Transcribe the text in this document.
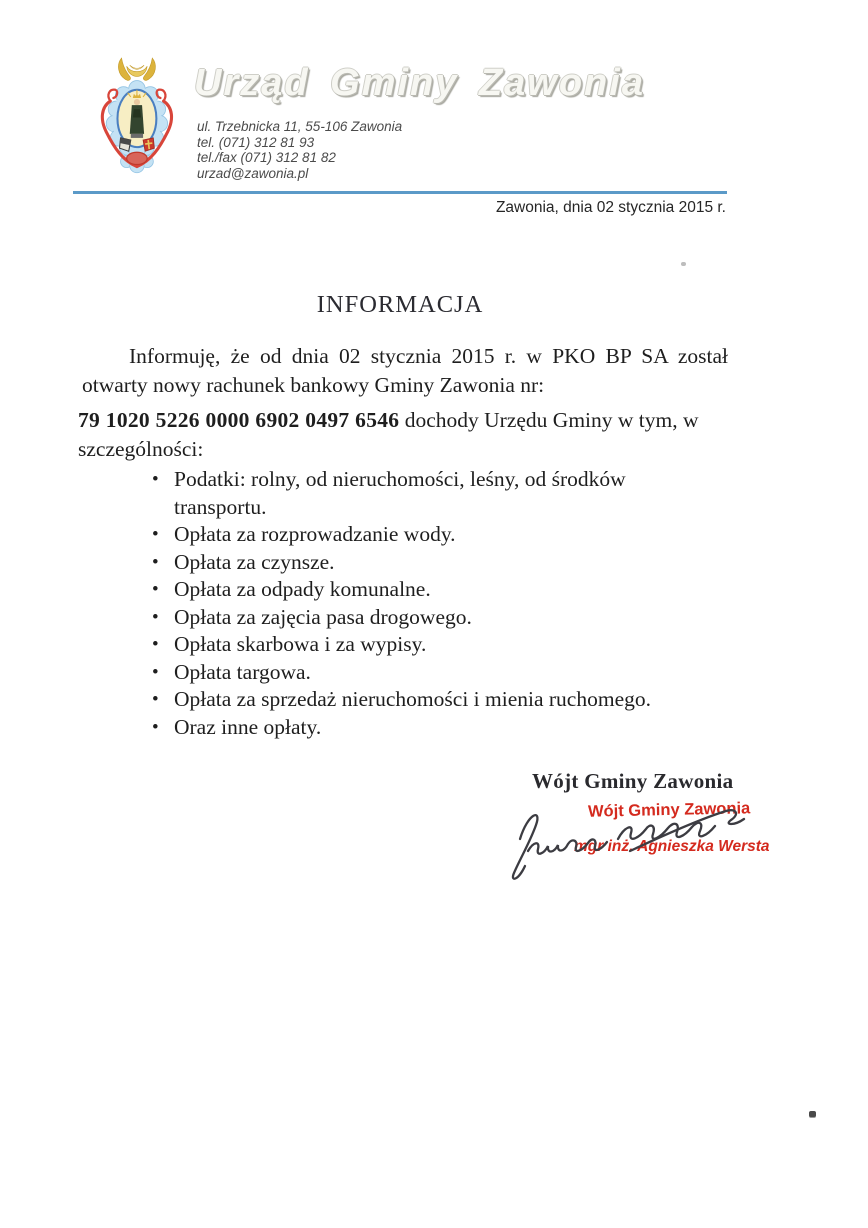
Urząd Gminy Zawonia
ul. Trzebnicka 11, 55-106 Zawonia
tel. (071) 312 81 93
tel./fax (071) 312 81 82
urzad@zawonia.pl
Zawonia, dnia 02 stycznia 2015 r.
INFORMACJA

Informuję, że od dnia 02 stycznia 2015 r. w PKO BP SA został otwarty nowy rachunek bankowy Gminy Zawonia nr:

79 1020 5226 0000 6902 0497 6546 dochody Urzędu Gminy w tym, w szczególności:

• Podatki: rolny, od nieruchomości, leśny, od środków transportu.
• Opłata za rozprowadzanie wody.
• Opłata za czynsze.
• Opłata za odpady komunalne.
• Opłata za zajęcia pasa drogowego.
• Opłata skarbowa i za wypisy.
• Opłata targowa.
• Opłata za sprzedaż nieruchomości i mienia ruchomego.
• Oraz inne opłaty.
Wójt Gminy Zawonia
Wójt Gminy Zawonia
mgr inż. Agnieszka Wersta
